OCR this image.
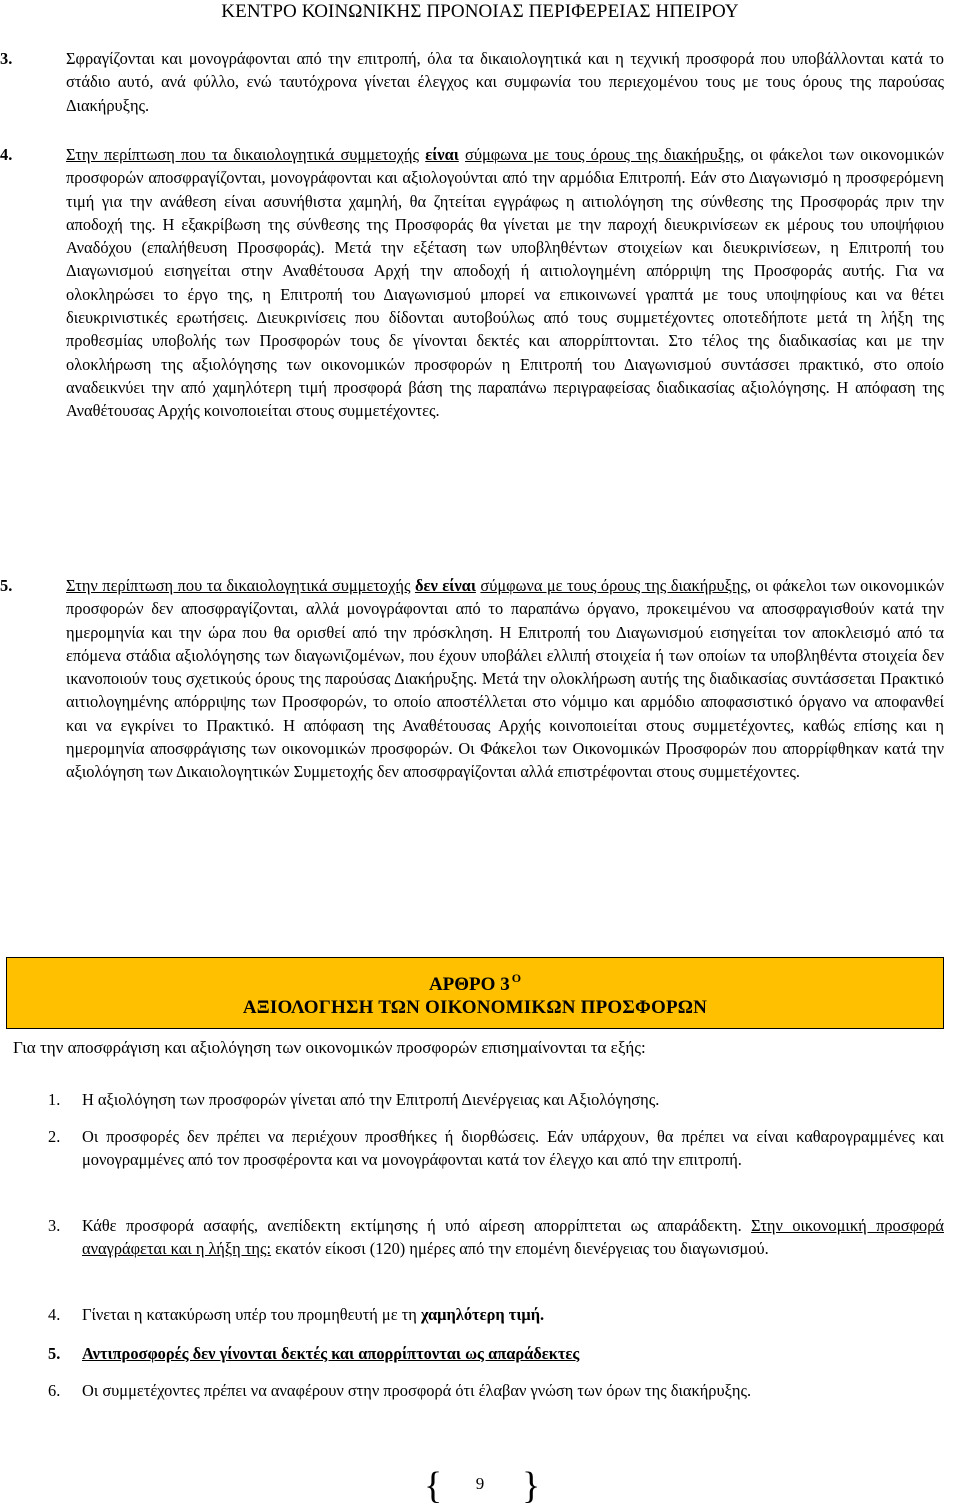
ΚΕΝΤΡΟ ΚΟΙΝΩΝΙΚΗΣ ΠΡΟΝΟΙΑΣ ΠΕΡΙΦΕΡΕΙΑΣ ΗΠΕΙΡΟΥ
3.	Σφραγίζονται και μονογράφονται από την επιτροπή, όλα τα δικαιολογητικά και η τεχνική προσφορά που υποβάλλονται κατά το στάδιο αυτό, ανά φύλλο, ενώ ταυτόχρονα γίνεται έλεγχος και συμφωνία του περιεχομένου τους με τους όρους της παρούσας Διακήρυξης.
4.	Στην περίπτωση που τα δικαιολογητικά συμμετοχής είναι σύμφωνα με τους όρους της διακήρυξης, οι φάκελοι των οικονομικών προσφορών αποσφραγίζονται, μονογράφονται και αξιολογούνται από την αρμόδια Επιτροπή. Εάν στο Διαγωνισμό η προσφερόμενη τιμή για την ανάθεση είναι ασυνήθιστα χαμηλή, θα ζητείται εγγράφως η αιτιολόγηση της σύνθεσης της Προσφοράς πριν την αποδοχή της. Η εξακρίβωση της σύνθεσης της Προσφοράς θα γίνεται με την παροχή διευκρινίσεων εκ μέρους του υποψήφιου Αναδόχου (επαλήθευση Προσφοράς). Μετά την εξέταση των υποβληθέντων στοιχείων και διευκρινίσεων, η Επιτροπή του Διαγωνισμού εισηγείται στην Αναθέτουσα Αρχή την αποδοχή ή αιτιολογημένη απόρριψη της Προσφοράς αυτής. Για να ολοκληρώσει το έργο της, η Επιτροπή του Διαγωνισμού μπορεί να επικοινωνεί γραπτά με τους υποψηφίους και να θέτει διευκρινιστικές ερωτήσεις. Διευκρινίσεις που δίδονται αυτοβούλως από τους συμμετέχοντες οποτεδήποτε μετά τη λήξη της προθεσμίας υποβολής των Προσφορών τους δε γίνονται δεκτές και απορρίπτονται. Στο τέλος της διαδικασίας και με την ολοκλήρωση της αξιολόγησης των οικονομικών προσφορών η Επιτροπή του Διαγωνισμού συντάσσει πρακτικό, στο οποίο αναδεικνύει την από χαμηλότερη τιμή προσφορά βάση της παραπάνω περιγραφείσας διαδικασίας αξιολόγησης. Η απόφαση της Αναθέτουσας Αρχής κοινοποιείται στους συμμετέχοντες.
5.	Στην περίπτωση που τα δικαιολογητικά συμμετοχής δεν είναι σύμφωνα με τους όρους της διακήρυξης, οι φάκελοι των οικονομικών προσφορών δεν αποσφραγίζονται, αλλά μονογράφονται από το παραπάνω όργανο, προκειμένου να αποσφραγισθούν κατά την ημερομηνία και την ώρα που θα ορισθεί από την πρόσκληση. Η Επιτροπή του Διαγωνισμού εισηγείται τον αποκλεισμό από τα επόμενα στάδια αξιολόγησης των διαγωνιζομένων, που έχουν υποβάλει ελλιπή στοιχεία ή των οποίων τα υποβληθέντα στοιχεία δεν ικανοποιούν τους σχετικούς όρους της παρούσας Διακήρυξης. Μετά την ολοκλήρωση αυτής της διαδικασίας συντάσσεται Πρακτικό αιτιολογημένης απόρριψης των Προσφορών, το οποίο αποστέλλεται στο νόμιμο και αρμόδιο αποφασιστικό όργανο να αποφανθεί και να εγκρίνει το Πρακτικό. Η απόφαση της Αναθέτουσας Αρχής κοινοποιείται στους συμμετέχοντες, καθώς επίσης και η ημερομηνία αποσφράγισης των οικονομικών προσφορών. Οι Φάκελοι των Οικονομικών Προσφορών που απορρίφθηκαν κατά την αξιολόγηση των Δικαιολογητικών Συμμετοχής δεν αποσφραγίζονται αλλά επιστρέφονται στους συμμετέχοντες.
ΑΡΘΡΟ 3 $^O$
ΑΞΙΟΛΟΓΗΣΗ ΤΩΝ ΟΙΚΟΝΟΜΙΚΩΝ ΠΡΟΣΦΟΡΩΝ
Για την αποσφράγιση και αξιολόγηση των οικονομικών προσφορών επισημαίνονται τα εξής:
1. Η αξιολόγηση των προσφορών γίνεται από την Επιτροπή Διενέργειας και Αξιολόγησης.
2. Οι προσφορές δεν πρέπει να περιέχουν προσθήκες ή διορθώσεις. Εάν υπάρχουν, θα πρέπει να είναι καθαρογραμμένες και μονογραμμένες από τον προσφέροντα και να μονογράφονται κατά τον έλεγχο και από την επιτροπή.
3. Κάθε προσφορά ασαφής, ανεπίδεκτη εκτίμησης ή υπό αίρεση απορρίπτεται ως απαράδεκτη. Στην οικονομική προσφορά αναγράφεται και η λήξη της: εκατόν είκοσι (120) ημέρες από την επομένη διενέργειας του διαγωνισμού.
4. Γίνεται η κατακύρωση υπέρ του προμηθευτή με τη χαμηλότερη τιμή.
5. Αντιπροσφορές δεν γίνονται δεκτές και απορρίπτονται ως απαράδεκτες
6. Οι συμμετέχοντες πρέπει να αναφέρουν στην προσφορά ότι έλαβαν γνώση των όρων της διακήρυξης.
{	9 }
